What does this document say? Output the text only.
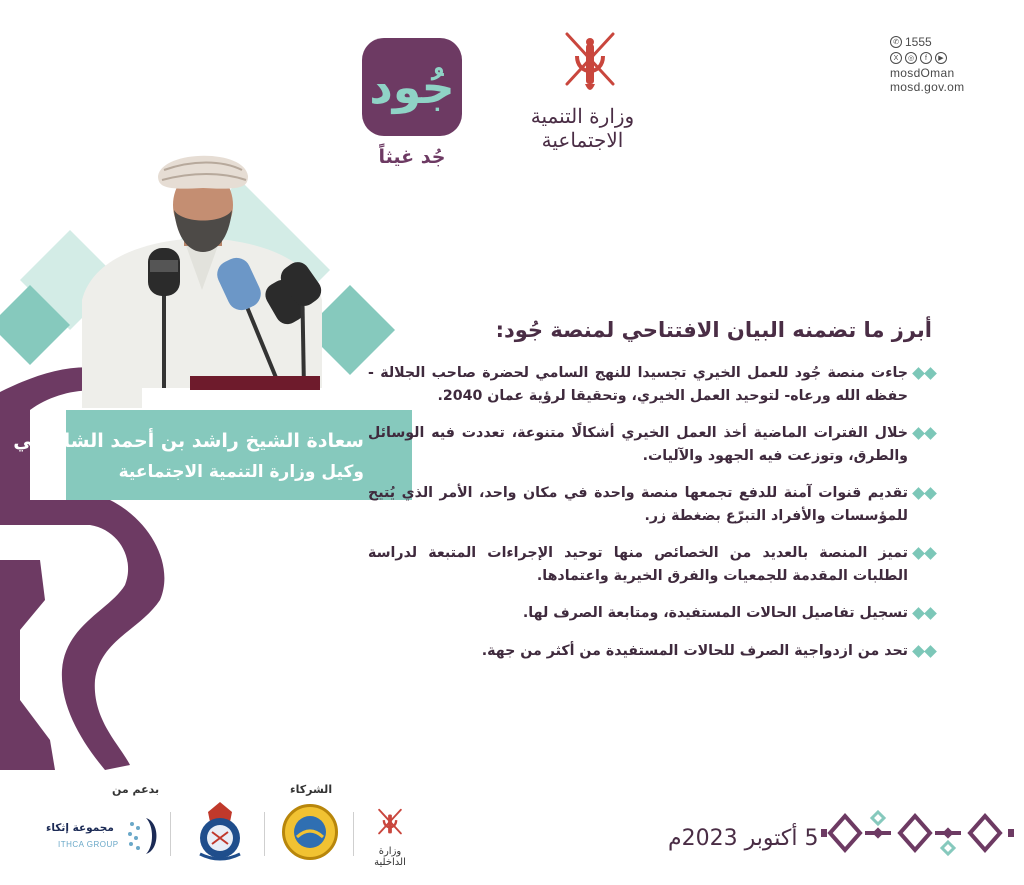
جُود
جُد غيثاً
وزارة التنمية الاجتماعية
✆ 1555
X	◎	f	▶
mosdOman
mosd.gov.om
سعادة الشيخ راشد بن أحمد الشامسي
وكيل وزارة التنمية الاجتماعية
أبرز ما تضمنه البيان الافتتاحي لمنصة جُود:
جاءت منصة جُود للعمل الخيري تجسيدا للنهج السامي لحضرة صاحب الجلالة - حفظه الله ورعاه- لتوحيد العمل الخيري، وتحقيقا لرؤية عمان 2040.
خلال الفترات الماضية أخذ العمل الخيري أشكالًا متنوعة، تعددت فيه الوسائل والطرق، وتوزعت فيه الجهود والآليات.
تقديم قنوات آمنة للدفع تجمعها منصة واحدة في مكان واحد، الأمر الذي يُتيح للمؤسسات والأفراد التبرّع بضغطة زر.
تميز المنصة بالعديد من الخصائص منها توحيد الإجراءات المتبعة لدراسة الطلبات المقدمة للجمعيات والفرق الخيرية واعتمادها.
تسجيل تفاصيل الحالات المستفيدة، ومتابعة الصرف لها.
تحد من ازدواجية الصرف للحالات المستفيدة من أكثر من جهة.
5 أكتوبر 2023م
الشركاء
بدعم من
وزارة الداخلية
مجموعة إثكاء
ITHCA GROUP
